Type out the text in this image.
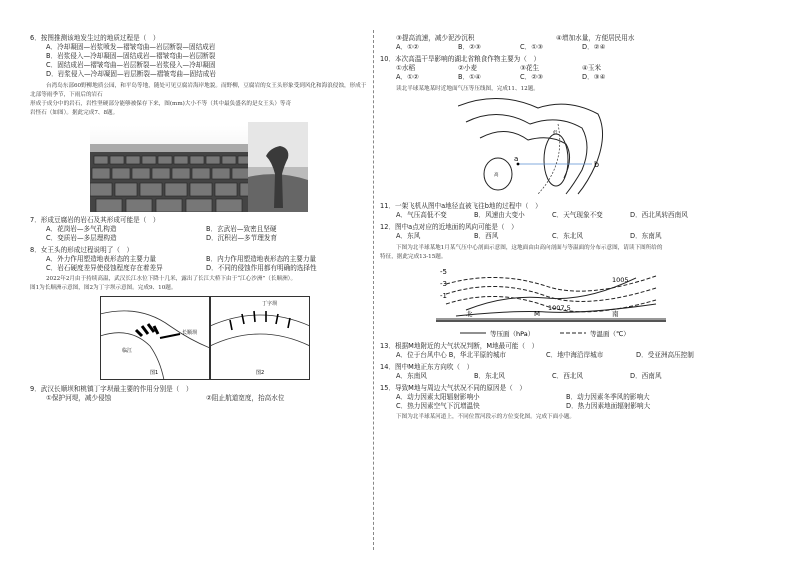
6．按图推测该地发生过的地质过程是（　）
A．冷却凝固—岩浆喷发—褶皱弯曲—岩层断裂—固结成岩
B．岩浆侵入—冷却凝固—固结成岩—褶皱弯曲—岩层断裂
C．固结成岩—褶皱弯曲—岩层断裂—岩浆侵入—冷却凝固
D．岩浆侵入—冷却凝固—岩层断裂—褶皱弯曲—固结成岩
台湾岛东部60野柳地质公园，和平岛等地，随处可见豆腐岩海岸地貌。而野柳，豆腐岩的女王头形象受到风化和海浪侵蚀，形成于北部等雨季节，下雨后的岩石
形成于成分中的岩石，岩性坚硬部分能够被保存下来，图(mm)大小不等（其中最负盛名的是女王头）等奇
岩怪石（如图）。据此完成7、8题。
7．形成豆腐岩的岩石及其形成可能是（　）
A．花岗岩—多气孔构造	B．玄武岩—致密且坚硬
C．变质岩—多层理构造	D．沉积岩—多节理发育
8．女王头的形成过程说明了（　）
A．外力作用塑造地表形态的主要力量	B．内力作用塑造地表形态的主要力量
C．岩石硬度差异使侵蚀程度存在着差异	D．不同的侵蚀作用都有明确的选择性
2022年2月由于持续高温，武汉长江水位下降十几米，露出了长江大桥下由于“江心沙洲”（长顺洲）。
图1为长顺洲示意图，图2为丁字坝示意图。完成9、10题。
长顺坝
临江
图1
丁字坝
图2
9．武汉长顺坝和桃镇丁字坝最主要的作用分别是（　）
①保护河堤，减少侵蚀	②阻止航道宽度，抬高水位
③提高流速，减少泥沙沉积	④增加水量，方便居民用水
A．①②	B．②③	C．①③	D．②④
10．本次高温干旱影响的湖北省粮食作物主要为（　）
①水稻	②小麦	③花生	④玉米
A．①②	B．①④	C．②③	D．③④
读北半球某地某时近地面气压等压线图，完成11、12题。
低
高
a
b
11．一架飞机从图中a地径直被飞往b地的过程中（　）
A．气压高低不变	B．风速由大变小	C．天气现象不变	D．西北风转西南风
12．图中a点对应的近地面的风向可能是（　）
A．东风	B．西风	C．东北风	D．东南风
下图为北半球某地1月某气压中心剖面示意图，这地面由由高向剖面与等温面的分布示意图，请读下图所给的
特征，据此完成13-15题。
-5
-3
-1
1005
1007.5
M
北	南
等压面（hPa）	等温面（℃）
13．根据M地附近的大气状况判断，M地最可能（　）
A．位于台风中心 B，华北平原的城市	C．地中海沿岸城市	D．受亚洲高压控制
14．图中M地正东方向吹（　）
A．东南风	B．东北风	C．西北风	D．西南风
15．导致M地与周边大气状况不同的原因是（　）
A．动力因素太阳辐射影响小	B．动力因素冬季风的影响大
C．热力因素空气下沉增温快	D．热力因素地面辐射影响大
下图为北半球某河道上，不同位置河段示的方位变化图。完成下面小题。
